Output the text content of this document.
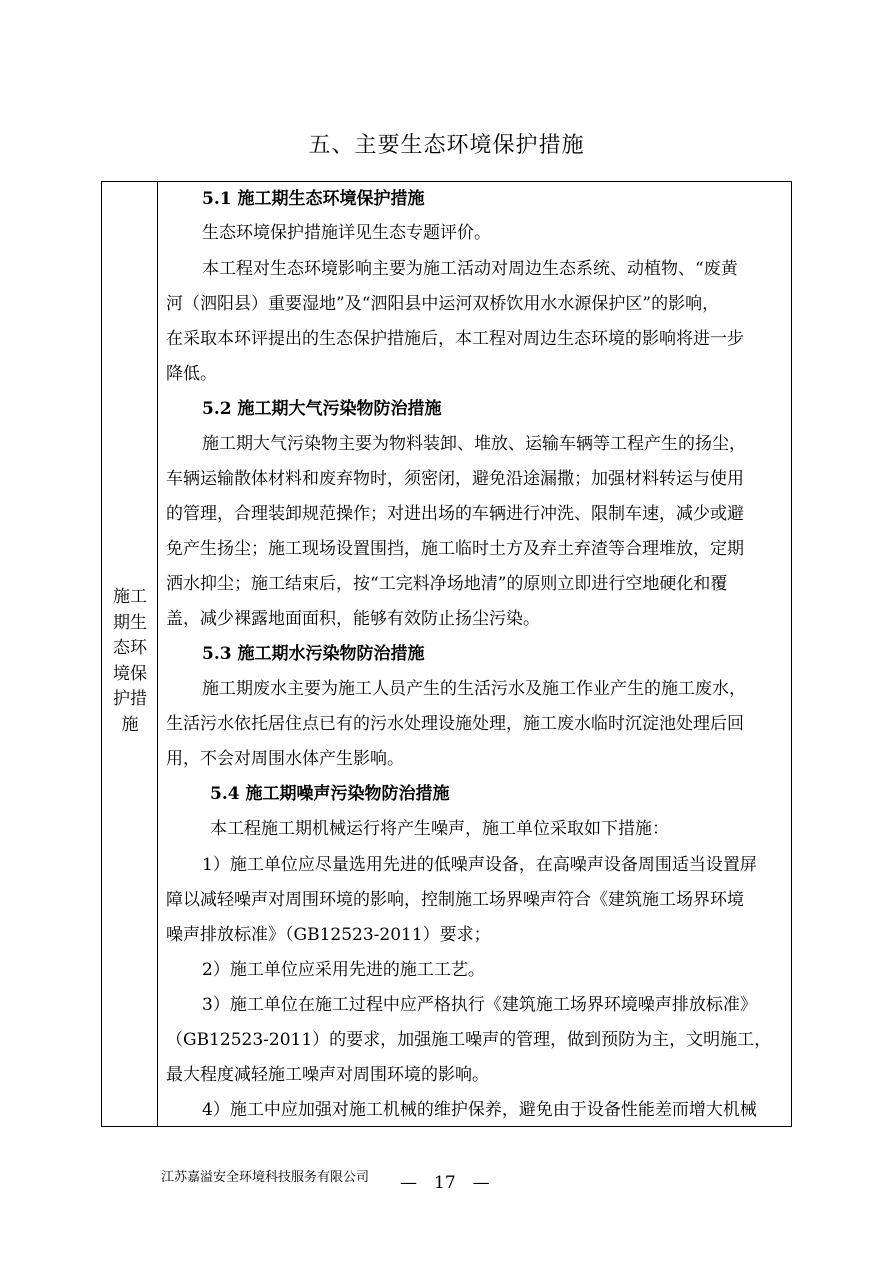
五、主要生态环境保护措施
施工期生态环境保护措施
5.1 施工期生态环境保护措施
生态环境保护措施详见生态专题评价。
本工程对生态环境影响主要为施工活动对周边生态系统、动植物、“废黄
河（泗阳县）重要湿地”及“泗阳县中运河双桥饮用水水源保护区”的影响，
在采取本环评提出的生态保护措施后，本工程对周边生态环境的影响将进一步
降低。
5.2 施工期大气污染物防治措施
施工期大气污染物主要为物料装卸、堆放、运输车辆等工程产生的扬尘，
车辆运输散体材料和废弃物时，须密闭，避免沿途漏撒；加强材料转运与使用
的管理，合理装卸规范操作；对进出场的车辆进行冲洗、限制车速，减少或避
免产生扬尘；施工现场设置围挡，施工临时土方及弃土弃渣等合理堆放，定期
洒水抑尘；施工结束后，按“工完料净场地清”的原则立即进行空地硬化和覆
盖，减少裸露地面面积，能够有效防止扬尘污染。
5.3 施工期水污染物防治措施
施工期废水主要为施工人员产生的生活污水及施工作业产生的施工废水，
生活污水依托居住点已有的污水处理设施处理，施工废水临时沉淀池处理后回
用，不会对周围水体产生影响。
5.4 施工期噪声污染物防治措施
本工程施工期机械运行将产生噪声，施工单位采取如下措施：
1）施工单位应尽量选用先进的低噪声设备，在高噪声设备周围适当设置屏
障以减轻噪声对周围环境的影响，控制施工场界噪声符合《建筑施工场界环境
噪声排放标准》（GB12523-2011）要求；
2）施工单位应采用先进的施工工艺。
3）施工单位在施工过程中应严格执行《建筑施工场界环境噪声排放标准》
（GB12523-2011）的要求，加强施工噪声的管理，做到预防为主，文明施工，
最大程度减轻施工噪声对周围环境的影响。
4）施工中应加强对施工机械的维护保养，避免由于设备性能差而增大机械
江苏嘉溢安全环境科技服务有限公司 —　17　—
